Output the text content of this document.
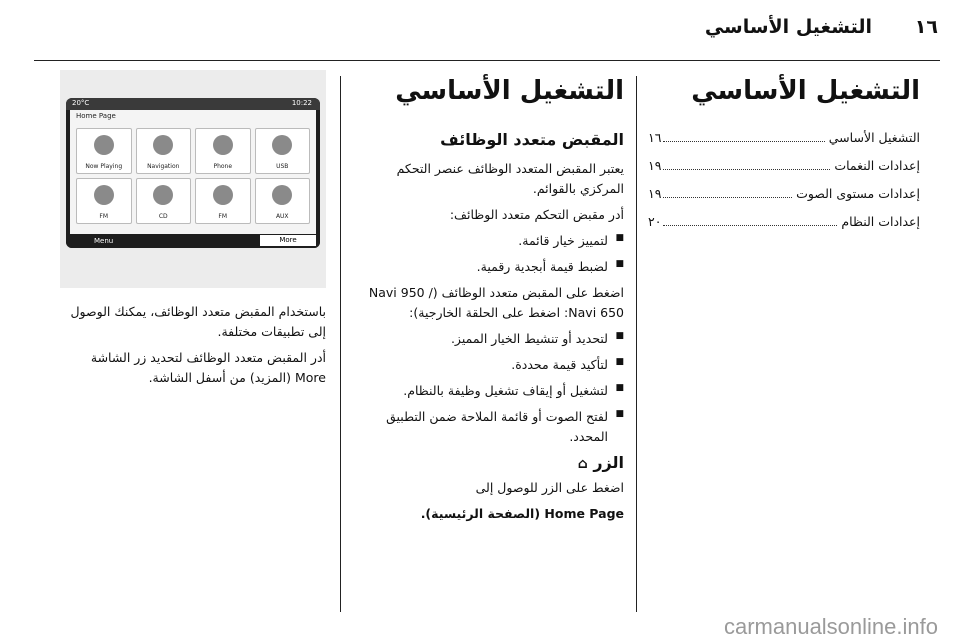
التشغيل الأساسي ١٦
التشغيل الأساسي
التشغيل الأساسي
١٦
إعدادات النغمات
١٩
إعدادات مستوى الصوت
١٩
إعدادات النظام
٢٠
التشغيل الأساسي
المقبض متعدد الوظائف

يعتبر المقبض المتعدد الوظائف عنصر التحكم المركزي بالقوائم.

أدر مقبض التحكم متعدد الوظائف:

■ لتمييز خيار قائمة.
■ لضبط قيمة أبجدية رقمية.

اضغط على المقبض متعدد الوظائف (Navi 950 / Navi 650: اضغط على الحلقة الخارجية):

■ لتحديد أو تنشيط الخيار المميز.
■ لتأكيد قيمة محددة.
■ لتشغيل أو إيقاف تشغيل وظيفة بالنظام.
■ لفتح الصوت أو قائمة الملاحة ضمن التطبيق المحدد.
الزر ⌂

اضغط على الزر للوصول إلى

Home Page (الصفحة الرئيسية).

20°C	10:22
Home Page
Now Playing	Navigation	Phone	USB
FM	CD	FM	AUX
Menu	More

باستخدام المقبض متعدد الوظائف، يمكنك الوصول إلى تطبيقات مختلفة.

أدر المقبض متعدد الوظائف لتحديد زر الشاشة More (المزيد) من أسفل الشاشة.

carmanualsonline.info
